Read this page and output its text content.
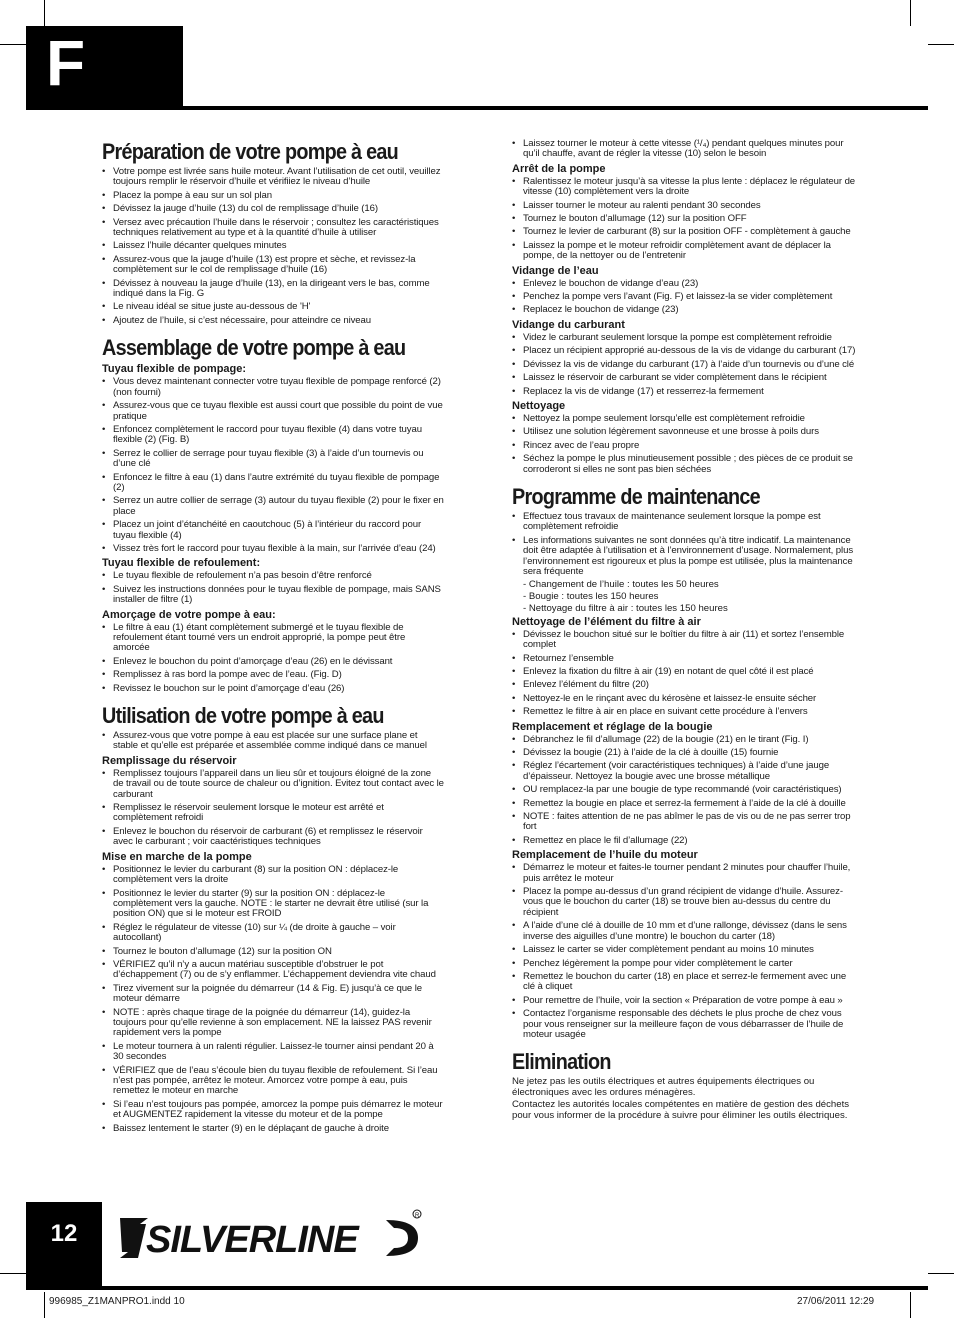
F
Préparation de votre pompe à eau
• Votre pompe est livrée sans huile moteur. Avant l’utilisation de cet outil, veuillez toujours remplir le réservoir d’huile et vérifiiez le niveau d’huile
• Placez la pompe à eau sur un sol plan
• Dévissez la jauge d’huile (13) du col de remplissage d’huile (16)
• Versez avec précaution l’huile dans le réservoir ; consultez les caractéristiques techniques relativement au type et à la quantité d’huile à utiliser
• Laissez l’huile décanter quelques minutes
• Assurez-vous que la jauge d’huile (13) est propre et sèche, et revissez-la complètement sur le col de remplissage d’huile (16)
• Dévissez à nouveau la jauge d’huile (13), en la dirigeant vers le bas, comme indiqué dans la Fig. G
• Le niveau idéal se situe juste au-dessous de 'H'
• Ajoutez de l’huile, si c’est nécessaire, pour atteindre ce niveau
Assemblage de votre pompe à eau
Tuyau flexible de pompage:
• Vous devez maintenant connecter votre tuyau flexible de pompage renforcé (2) (non fourni)
• Assurez-vous que ce tuyau flexible est aussi court que possible du point de vue pratique
• Enfoncez complètement le raccord pour tuyau flexible (4) dans votre tuyau flexible (2) (Fig. B)
• Serrez le collier de serrage pour tuyau flexible (3) à l’aide d’un tournevis ou d’une clé
• Enfoncez le filtre à eau (1) dans l’autre extrémité du tuyau flexible de pompage (2)
• Serrez un autre collier de serrage (3) autour du tuyau flexible (2) pour le fixer en place
• Placez un joint d’étanchéité en caoutchouc (5) à l’intérieur du raccord pour tuyau flexible (4)
• Vissez très fort le raccord pour tuyau flexible à la main, sur l’arrivée d’eau (24)
Tuyau flexible de refoulement:
• Le tuyau flexible de refoulement n’a pas besoin d’être renforcé
• Suivez les instructions données pour le tuyau flexible de pompage, mais SANS installer de filtre (1)
Amorçage de votre pompe à eau:
• Le filtre à eau (1) étant complètement submergé et le tuyau flexible de refoulement étant tourné vers un endroit approprié, la pompe peut être amorcée
• Enlevez le bouchon du point d’amorçage d’eau (26) en le dévissant
• Remplissez à ras bord la pompe avec de l’eau. (Fig. D)
• Revissez le bouchon sur le point d’amorçage d’eau (26)
Utilisation de votre pompe à eau
• Assurez-vous que votre pompe à eau est placée sur une surface plane et stable et qu’elle est préparée et assemblée comme indiqué dans ce manuel
Remplissage du réservoir
• Remplissez toujours l’appareil dans un lieu sûr et toujours éloigné de la zone de travail ou de toute source de chaleur ou d’ignition. Evitez tout contact avec le carburant
• Remplissez le réservoir seulement lorsque le moteur est arrêté et complètement refroidi
• Enlevez le bouchon du réservoir de carburant (6) et remplissez le réservoir avec le carburant ; voir caactéristiques techniques
Mise en marche de la pompe
• Positionnez le levier du carburant (8) sur la position ON : déplacez-le complètement vers la droite
• Positionnez le levier du starter (9) sur la position ON : déplacez-le complètement vers la gauche. NOTE : le starter ne devrait être utilisé (sur la position ON) que si le moteur est FROID
• Réglez le régulateur de vitesse (10) sur ¼ (de droite à gauche – voir autocollant)
• Tournez le bouton d’allumage (12) sur la position ON
• VÉRIFIEZ qu’il n’y a aucun matériau susceptible d’obstruer le pot d’échappement (7) ou de s’y enflammer. L’échappement deviendra vite chaud
• Tirez vivement sur la poignée du démarreur (14 & Fig. E) jusqu’à ce que le moteur démarre
• NOTE : après chaque tirage de la poignée du démarreur (14), guidez-la toujours pour qu’elle revienne à son emplacement. NE la laissez PAS revenir rapidement vers la pompe
• Le moteur tournera à un ralenti régulier. Laissez-le tourner ainsi pendant 20 à 30 secondes
• VÉRIFIEZ que de l’eau s’écoule bien du tuyau flexible de refoulement. Si l’eau n’est pas pompée, arrêtez le moteur. Amorcez votre pompe à eau, puis remettez le moteur en marche
• Si l’eau n’est toujours pas pompée, amorcez la pompe puis démarrez le moteur et AUGMENTEZ rapidement la vitesse du moteur et de la pompe
• Baissez lentement le starter (9) en le déplaçant de gauche à droite
• Laissez tourner le moteur à cette vitesse (¹/₄) pendant quelques minutes pour qu’il chauffe, avant de régler la vitesse (10) selon le besoin
Arrêt de la pompe
• Ralentissez le moteur jusqu’à sa vitesse la plus lente : déplacez le régulateur de vitesse (10) complètement vers la droite
• Laisser tourner le moteur au ralenti pendant 30 secondes
• Tournez le bouton d’allumage (12) sur la position OFF
• Tournez le levier de carburant (8) sur la position OFF - complètement à gauche
• Laissez la pompe et le moteur refroidir complètement avant de déplacer la pompe, de la nettoyer ou de l’entretenir
Vidange de l’eau
• Enlevez le bouchon de vidange d’eau (23)
• Penchez la pompe vers l’avant (Fig. F) et laissez-la se vider complètement
• Replacez le bouchon de vidange (23)
Vidange du carburant
• Videz le carburant seulement lorsque la pompe est complètement refroidie
• Placez un récipient approprié au-dessous de la vis de vidange du carburant (17)
• Dévissez la vis de vidange du carburant (17) à l’aide d’un tournevis ou d’une clé
• Laissez le réservoir de carburant se vider complètement dans le récipient
• Replacez la vis de vidange (17) et resserrez-la fermement
Nettoyage
• Nettoyez la pompe seulement lorsqu’elle est complètement refroidie
• Utilisez une solution légèrement savonneuse et une brosse à poils durs
• Rincez avec de l’eau propre
• Séchez la pompe le plus minutieusement possible ; des pièces de ce produit se corroderont si elles ne sont pas bien séchées
Programme de maintenance
• Effectuez tous travaux de maintenance seulement lorsque la pompe est complètement refroidie
• Les informations suivantes ne sont données qu’à titre indicatif. La maintenance doit être adaptée à l’utilisation et à l’environnement d’usage. Normalement, plus l’environnement est rigoureux et plus la pompe est utilisée, plus la maintenance sera fréquente
- Changement de l’huile : toutes les 50 heures
- Bougie : toutes les 150 heures
- Nettoyage du filtre à air : toutes les 150 heures
Nettoyage de l’élément du filtre à air
• Dévissez le bouchon situé sur le boîtier du filtre à air (11) et sortez l’ensemble complet
• Retournez l’ensemble
• Enlevez la fixation du filtre à air (19) en notant de quel côté il est placé
• Enlevez l’élément du filtre (20)
• Nettoyez-le en le rinçant avec du kérosène et laissez-le ensuite sécher
• Remettez le filtre à air en place en suivant cette procédure à l’envers
Remplacement et réglage de la bougie
• Débranchez le fil d’allumage (22) de la bougie (21) en le tirant (Fig. I)
• Dévissez la bougie (21) à l’aide de la clé à douille (15) fournie
• Réglez l’écartement (voir caractéristiques techniques) à l’aide d’une jauge d’épaisseur. Nettoyez la bougie avec une brosse métallique
• OU remplacez-la par une bougie de type recommandé (voir caractéristiques)
• Remettez la bougie en place et serrez-la fermement à l’aide de la clé à douille
• NOTE : faites attention de ne pas abîmer le pas de vis ou de ne pas serrer trop fort
• Remettez en place le fil d’allumage (22)
Remplacement de l’huile du moteur
• Démarrez le moteur et faites-le tourner pendant 2 minutes pour chauffer l’huile, puis arrêtez le moteur
• Placez la pompe au-dessus d’un grand récipient de vidange d’huile. Assurez-vous que le bouchon du carter (18) se trouve bien au-dessus du centre du récipient
• A l’aide d’une clé à douille de 10 mm et d’une rallonge, dévissez (dans le sens inverse des aiguilles d’une montre) le bouchon du carter (18)
• Laissez le carter se vider complètement pendant au moins 10 minutes
• Penchez légèrement la pompe pour vider complètement le carter
• Remettez le bouchon du carter (18) en place et serrez-le fermement avec une clé à cliquet
• Pour remettre de l’huile, voir la section « Préparation de votre pompe à eau »
• Contactez l’organisme responsable des déchets le plus proche de chez vous pour vous renseigner sur la meilleure façon de vous débarrasser de l’huile de moteur usagée
Elimination

Ne jetez pas les outils électriques et autres équipements électriques ou électroniques avec les ordures ménagères.

Contactez les autorités locales compétentes en matière de gestion des déchets pour vous informer de la procédure à suivre pour éliminer les outils électriques.

12	SILVERLINE
R
996985_Z1MANPRO1.indd 10	27/06/2011 12:29
